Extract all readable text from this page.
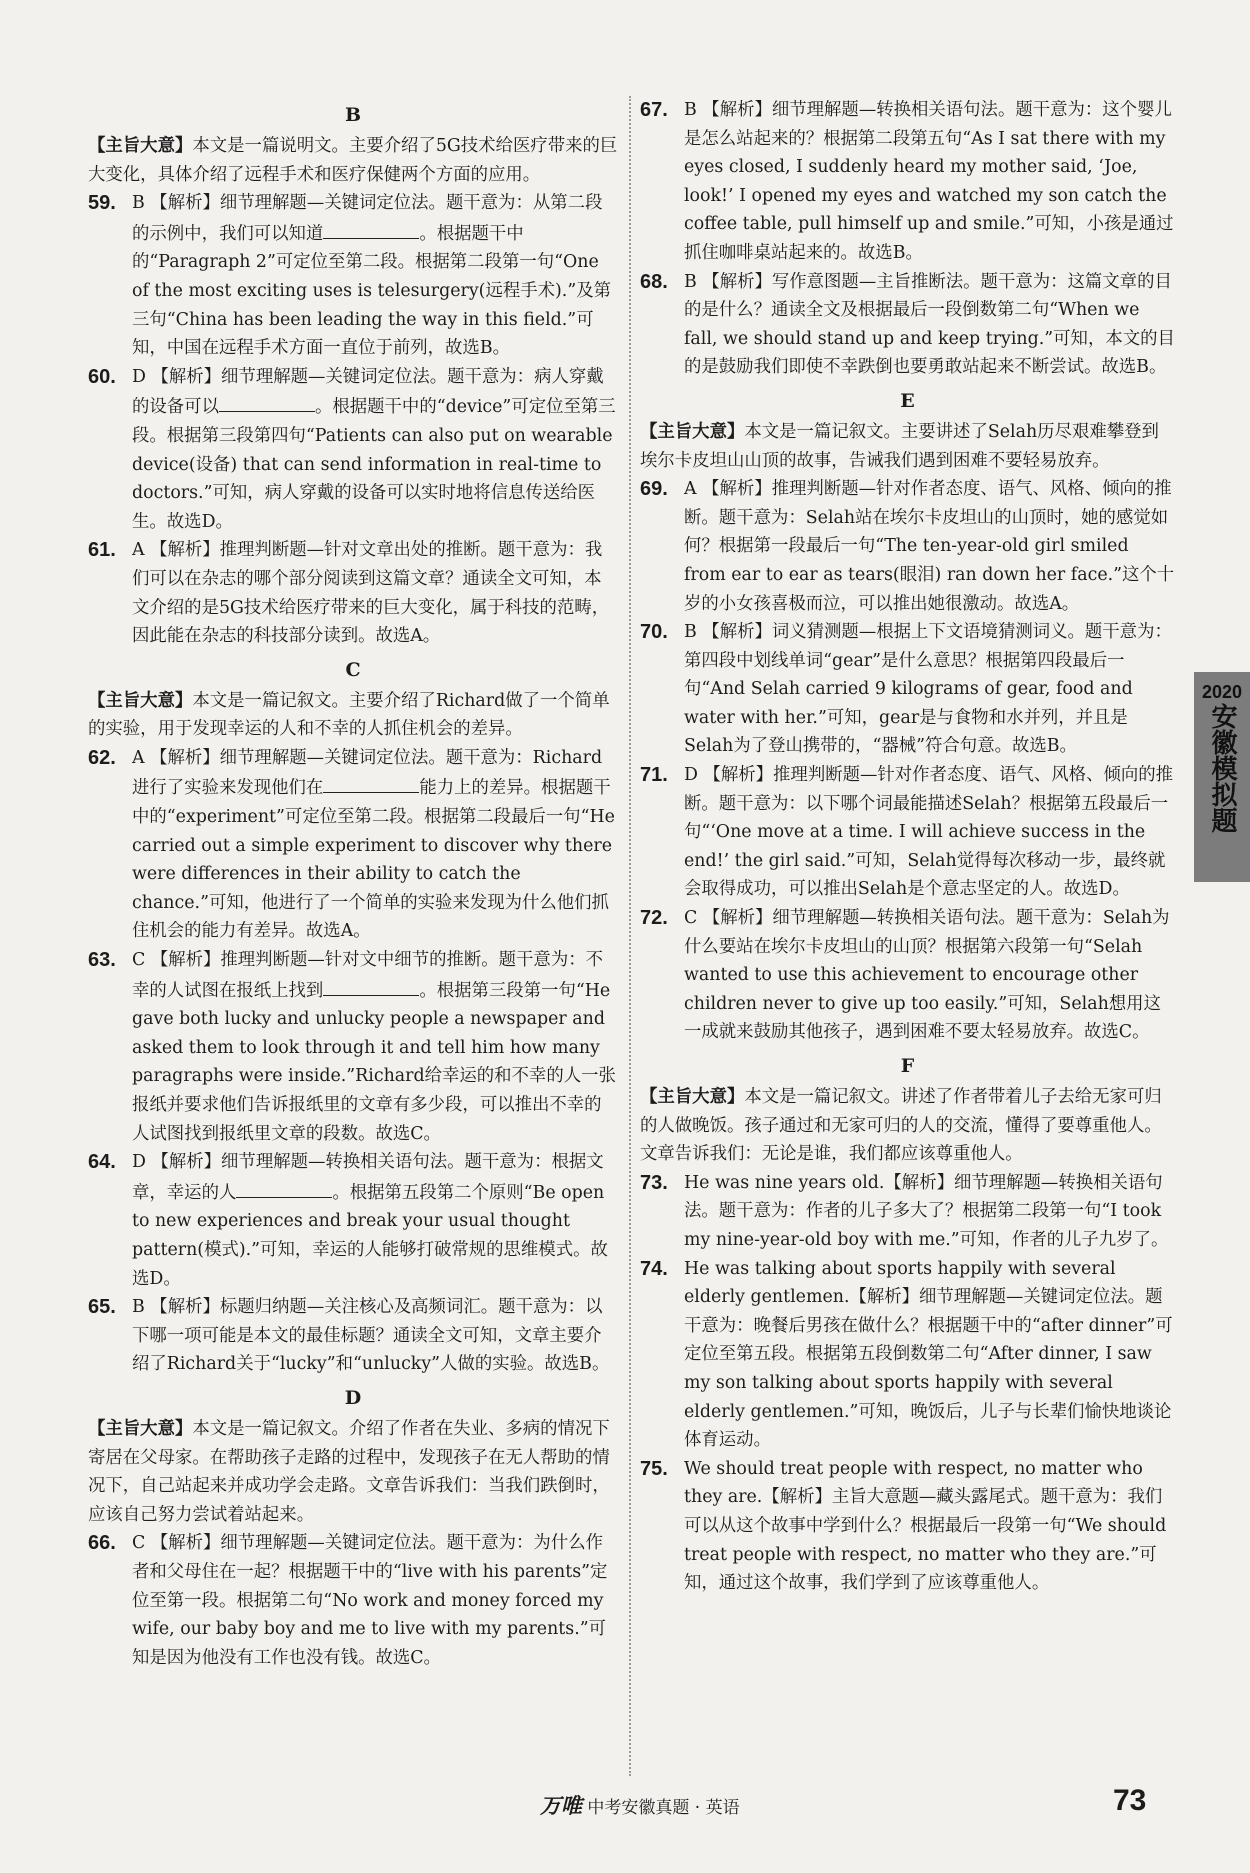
B

【主旨大意】本文是一篇说明文。主要介绍了5G技术给医疗带来的巨大变化，具体介绍了远程手术和医疗保健两个方面的应用。

59. B 【解析】细节理解题—关键词定位法。题干意为：从第二段的示例中，我们可以知道	。根据题干中的“Paragraph 2”可定位至第二段。根据第二段第一句“One of the most exciting uses is telesurgery(远程手术).”及第三句“China has been leading the way in this field.”可知，中国在远程手术方面一直位于前列，故选B。

60. D 【解析】细节理解题—关键词定位法。题干意为：病人穿戴的设备可以	。根据题干中的“device”可定位至第三段。根据第三段第四句“Patients can also put on wearable device(设备) that can send information in real-time to doctors.”可知，病人穿戴的设备可以实时地将信息传送给医生。故选D。

61. A 【解析】推理判断题—针对文章出处的推断。题干意为：我们可以在杂志的哪个部分阅读到这篇文章？通读全文可知，本文介绍的是5G技术给医疗带来的巨大变化，属于科技的范畴，因此能在杂志的科技部分读到。故选A。

C

【主旨大意】本文是一篇记叙文。主要介绍了Richard做了一个简单的实验，用于发现幸运的人和不幸的人抓住机会的差异。

62. A 【解析】细节理解题—关键词定位法。题干意为：Richard进行了实验来发现他们在	能力上的差异。根据题干中的“experiment”可定位至第二段。根据第二段最后一句“He carried out a simple experiment to discover why there were differences in their ability to catch the chance.”可知，他进行了一个简单的实验来发现为什么他们抓住机会的能力有差异。故选A。

63. C 【解析】推理判断题—针对文中细节的推断。题干意为：不幸的人试图在报纸上找到	。根据第三段第一句“He gave both lucky and unlucky people a newspaper and asked them to look through it and tell him how many paragraphs were inside.”Richard给幸运的和不幸的人一张报纸并要求他们告诉报纸里的文章有多少段，可以推出不幸的人试图找到报纸里文章的段数。故选C。

64. D 【解析】细节理解题—转换相关语句法。题干意为：根据文章，幸运的人	。根据第五段第二个原则“Be open to new experiences and break your usual thought pattern(模式).”可知，幸运的人能够打破常规的思维模式。故选D。

65. B 【解析】标题归纳题—关注核心及高频词汇。题干意为：以下哪一项可能是本文的最佳标题？通读全文可知，文章主要介绍了Richard关于“lucky”和“unlucky”人做的实验。故选B。

D

【主旨大意】本文是一篇记叙文。介绍了作者在失业、多病的情况下寄居在父母家。在帮助孩子走路的过程中，发现孩子在无人帮助的情况下，自己站起来并成功学会走路。文章告诉我们：当我们跌倒时，应该自己努力尝试着站起来。

66. C 【解析】细节理解题—关键词定位法。题干意为：为什么作者和父母住在一起？根据题干中的“live with his parents”定位至第一段。根据第二句“No work and money forced my wife, our baby boy and me to live with my parents.”可知是因为他没有工作也没有钱。故选C。

67. B 【解析】细节理解题—转换相关语句法。题干意为：这个婴儿是怎么站起来的？根据第二段第五句“As I sat there with my eyes closed, I suddenly heard my mother said, ‘Joe, look!’ I opened my eyes and watched my son catch the coffee table, pull himself up and smile.”可知，小孩是通过抓住咖啡桌站起来的。故选B。

68. B 【解析】写作意图题—主旨推断法。题干意为：这篇文章的目的是什么？通读全文及根据最后一段倒数第二句“When we fall, we should stand up and keep trying.”可知，本文的目的是鼓励我们即使不幸跌倒也要勇敢站起来不断尝试。故选B。

E

【主旨大意】本文是一篇记叙文。主要讲述了Selah历尽艰难攀登到埃尔卡皮坦山山顶的故事，告诫我们遇到困难不要轻易放弃。

69. A 【解析】推理判断题—针对作者态度、语气、风格、倾向的推断。题干意为：Selah站在埃尔卡皮坦山的山顶时，她的感觉如何？根据第一段最后一句“The ten-year-old girl smiled from ear to ear as tears(眼泪) ran down her face.”这个十岁的小女孩喜极而泣，可以推出她很激动。故选A。

70. B 【解析】词义猜测题—根据上下文语境猜测词义。题干意为：第四段中划线单词“gear”是什么意思？根据第四段最后一句“And Selah carried 9 kilograms of gear, food and water with her.”可知，gear是与食物和水并列，并且是Selah为了登山携带的，“器械”符合句意。故选B。

71. D 【解析】推理判断题—针对作者态度、语气、风格、倾向的推断。题干意为：以下哪个词最能描述Selah？根据第五段最后一句“‘One move at a time. I will achieve success in the end!’ the girl said.”可知，Selah觉得每次移动一步，最终就会取得成功，可以推出Selah是个意志坚定的人。故选D。

72. C 【解析】细节理解题—转换相关语句法。题干意为：Selah为什么要站在埃尔卡皮坦山的山顶？根据第六段第一句“Selah wanted to use this achievement to encourage other children never to give up too easily.”可知，Selah想用这一成就来鼓励其他孩子，遇到困难不要太轻易放弃。故选C。

F

【主旨大意】本文是一篇记叙文。讲述了作者带着儿子去给无家可归的人做晚饭。孩子通过和无家可归的人的交流，懂得了要尊重他人。文章告诉我们：无论是谁，我们都应该尊重他人。

73. He was nine years old.【解析】细节理解题—转换相关语句法。题干意为：作者的儿子多大了？根据第二段第一句“I took my nine-year-old boy with me.”可知，作者的儿子九岁了。

74. He was talking about sports happily with several elderly gentlemen.【解析】细节理解题—关键词定位法。题干意为：晚餐后男孩在做什么？根据题干中的“after dinner”可定位至第五段。根据第五段倒数第二句“After dinner, I saw my son talking about sports happily with several elderly gentlemen.”可知，晚饭后，儿子与长辈们愉快地谈论体育运动。

75. We should treat people with respect, no matter who they are.【解析】主旨大意题—藏头露尾式。题干意为：我们可以从这个故事中学到什么？根据最后一段第一句“We should treat people with respect, no matter who they are.”可知，通过这个故事，我们学到了应该尊重他人。

2020
安徽模拟题
万唯 中考安徽真题 · 英语	73
